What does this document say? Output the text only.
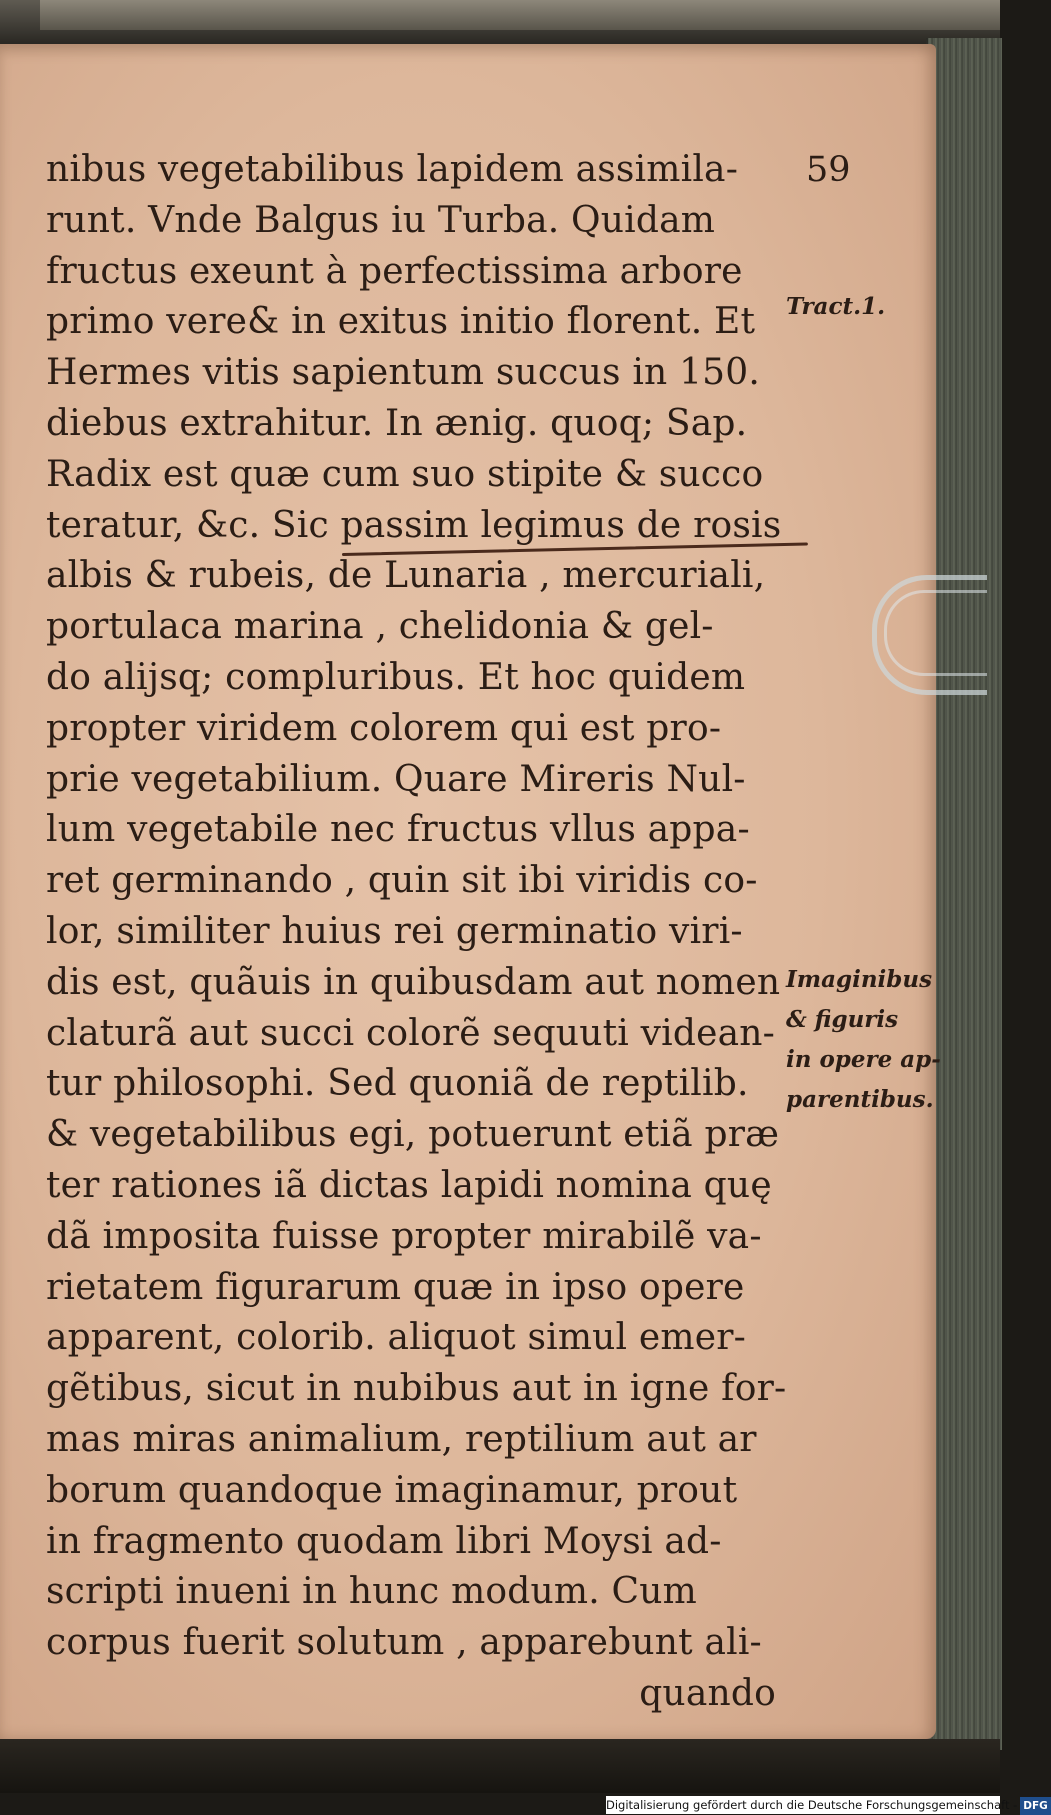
59
Tract.1.
Imaginibus
& figuris
in opere ap-
parentibus.
nibus vegetabilibus lapidem assimila-
runt. Vnde Balgus iu Turba. Quidam
fructus exeunt à perfectissima arbore
primo vere& in exitus initio florent. Et
Hermes vitis sapientum succus in 150.
diebus extrahitur. In ænig. quoq; Sap.
Radix est quæ cum suo stipite & succo
teratur, &c. Sic passim legimus de rosis
albis & rubeis, de Lunaria , mercuriali,
portulaca marina , chelidonia & gel-
do alijsq; compluribus. Et hoc quidem
propter viridem colorem qui est pro-
prie vegetabilium. Quare Mireris Nul-
lum vegetabile nec fructus vllus appa-
ret germinando , quin sit ibi viridis co-
lor, similiter huius rei germinatio viri-
dis est, quãuis in quibusdam aut nomen
claturã aut succi colorẽ sequuti videan-
tur philosophi. Sed quoniã de reptilib.
& vegetabilibus egi, potuerunt etiã præ
ter rationes iã dictas lapidi nomina quę
dã imposita fuisse propter mirabilẽ va-
rietatem figurarum quæ in ipso opere
apparent, colorib. aliquot simul emer-
gẽtibus, sicut in nubibus aut in igne for-
mas miras animalium, reptilium aut ar
borum quandoque imaginamur, prout
in fragmento quodam libri Moysi ad-
scripti inueni in hunc modum. Cum
corpus fuerit solutum , apparebunt ali-
quando
Digitalisierung gefördert durch die Deutsche Forschungsgemeinschaft - DFG
